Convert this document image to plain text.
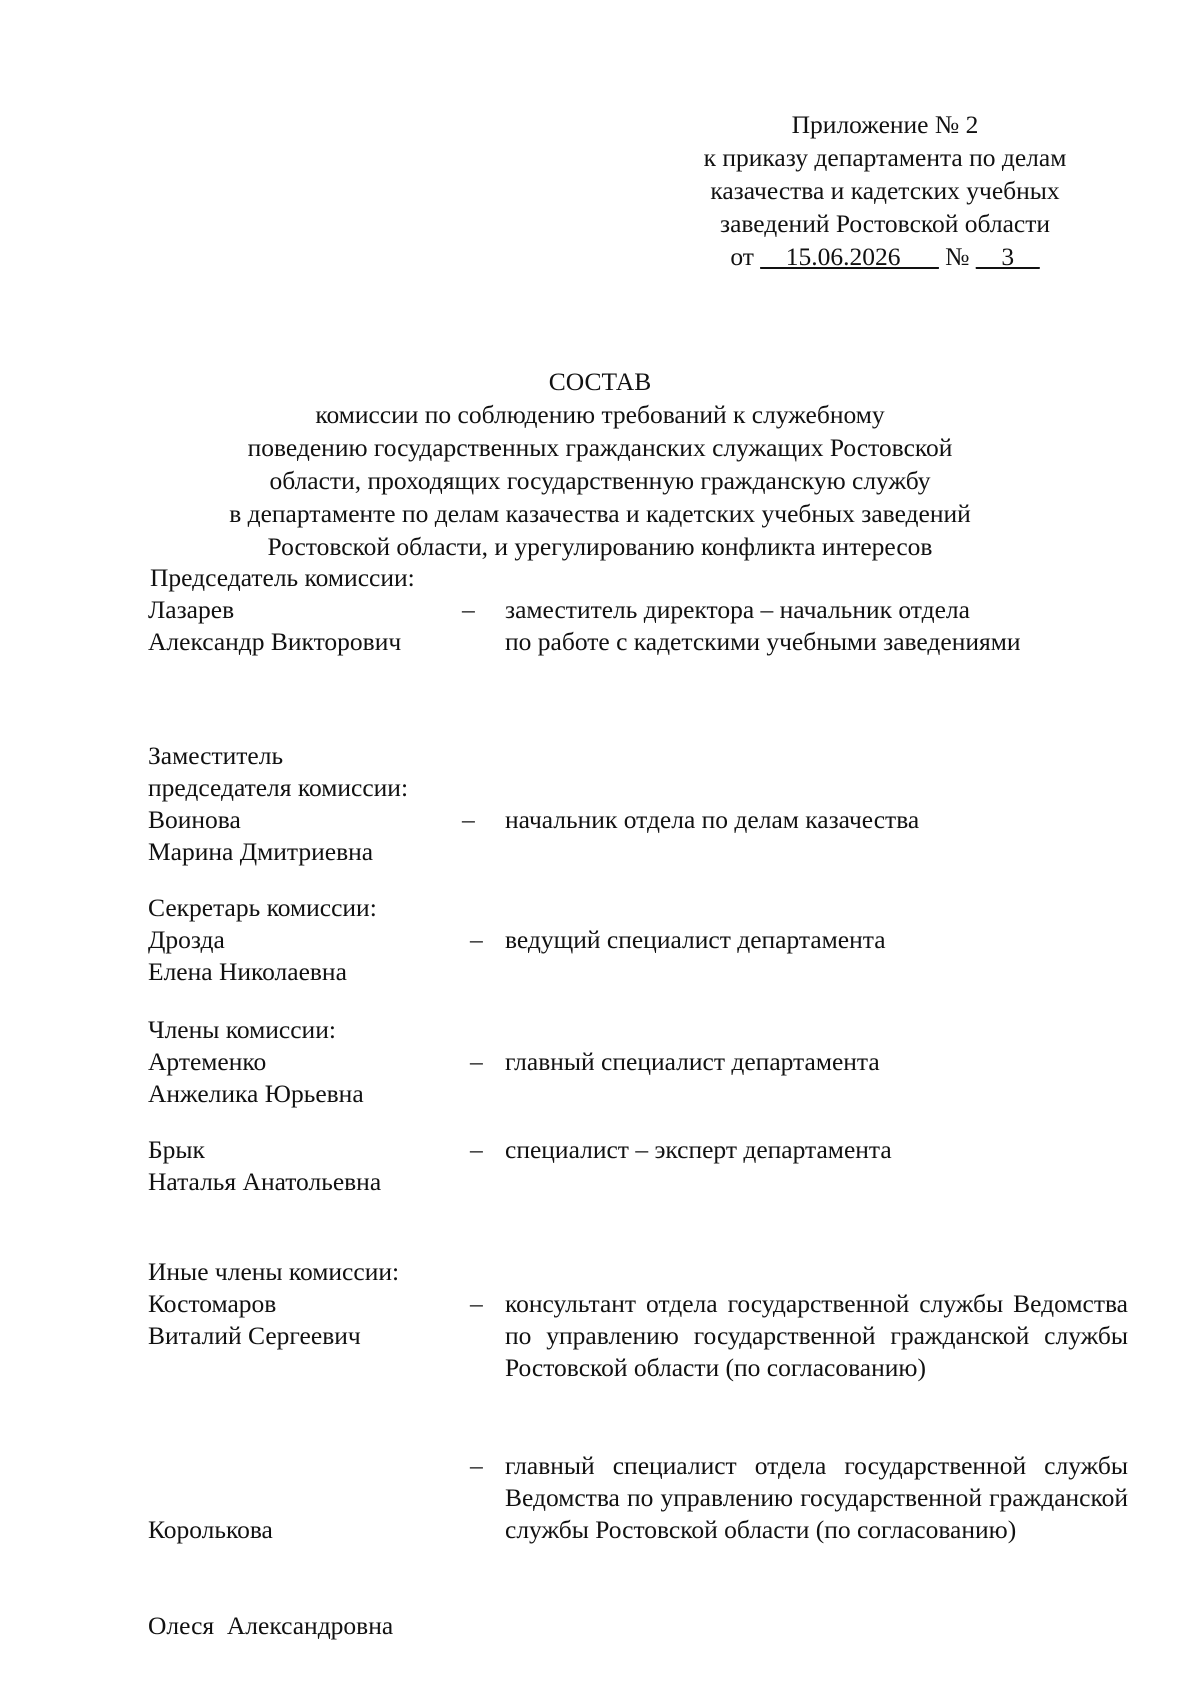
Приложение № 2
к приказу департамента по делам
казачества и кадетских учебных
заведений Ростовской области
от __15.06.2026___ № __3__
СОСТАВ
комиссии по соблюдению требований к служебному
поведению государственных гражданских служащих Ростовской
области, проходящих государственную гражданскую службу
в департаменте по делам казачества и кадетских учебных заведений
Ростовской области, и урегулированию конфликта интересов
Председатель комиссии:
Лазарев
Александр Викторович
– заместитель директора – начальник отдела
по работе с кадетскими учебными заведениями
Заместитель
председателя комиссии:
Воинова
Марина Дмитриевна
– начальник отдела по делам казачества
Секретарь комиссии:
Дрозда
Елена Николаевна
– ведущий специалист департамента
Члены комиссии:
Артеменко
Анжелика Юрьевна
– главный специалист департамента
Брык
Наталья Анатольевна
– специалист – эксперт департамента
Иные члены комиссии:
Костомаров
Виталий Сергеевич
– консультант отдела государственной службы Ведомства по управлению государственной гражданской службы Ростовской области (по согласованию)

Королькова

Олеся  Александровна

– главный специалист отдела государственной службы Ведомства по управлению государственной гражданской службы Ростовской области (по согласованию)
